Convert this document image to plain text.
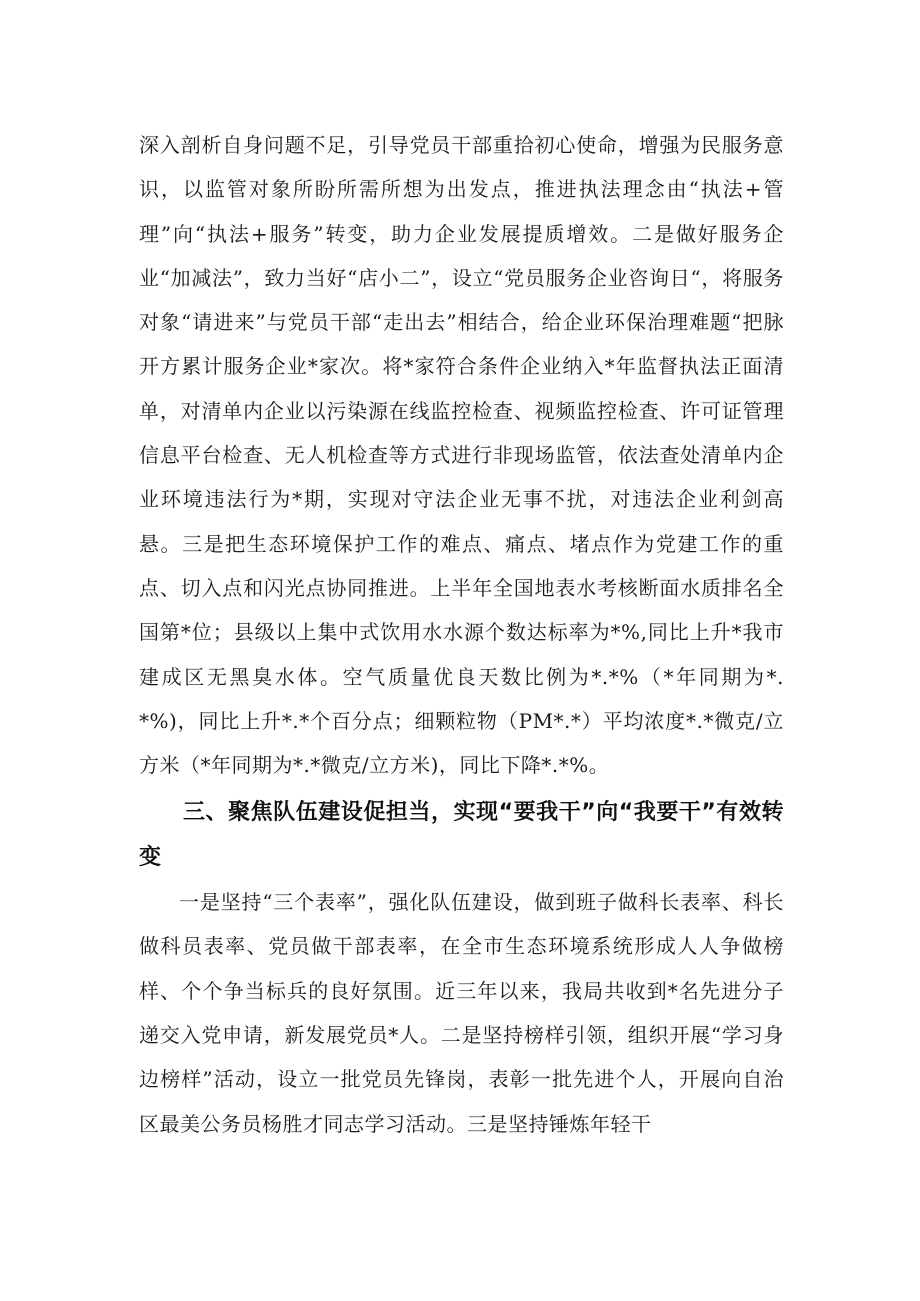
深入剖析自身问题不足，引导党员干部重拾初心使命，增强为民服务意识，以监管对象所盼所需所想为出发点，推进执法理念由“执法+管理”向“执法+服务”转变，助力企业发展提质增效。二是做好服务企业“加减法”，致力当好“店小二”，设立“党员服务企业咨询日“，将服务对象“请进来”与党员干部“走出去”相结合，给企业环保治理难题“把脉开方累计服务企业*家次。将*家符合条件企业纳入*年监督执法正面清单，对清单内企业以污染源在线监控检查、视频监控检查、许可证管理信息平台检查、无人机检查等方式进行非现场监管，依法查处清单内企业环境违法行为*期，实现对守法企业无事不扰，对违法企业利剑高悬。三是把生态环境保护工作的难点、痛点、堵点作为党建工作的重点、切入点和闪光点协同推进。上半年全国地表水考核断面水质排名全国第*位；县级以上集中式饮用水水源个数达标率为*%,同比上升*我市建成区无黑臭水体。空气质量优良天数比例为*.*%（*年同期为*.*%)，同比上升*.*个百分点；细颗粒物（PM*.*）平均浓度*.*微克/立方米（*年同期为*.*微克/立方米)，同比下降*.*%。

三、聚焦队伍建设促担当，实现“要我干”向“我要干”有效转变

一是坚持“三个表率”，强化队伍建设，做到班子做科长表率、科长做科员表率、党员做干部表率，在全市生态环境系统形成人人争做榜样、个个争当标兵的良好氛围。近三年以来，我局共收到*名先进分子递交入党申请，新发展党员*人。二是坚持榜样引领，组织开展“学习身边榜样”活动，设立一批党员先锋岗，表彰一批先进个人，开展向自治区最美公务员杨胜才同志学习活动。三是坚持锤炼年轻干
